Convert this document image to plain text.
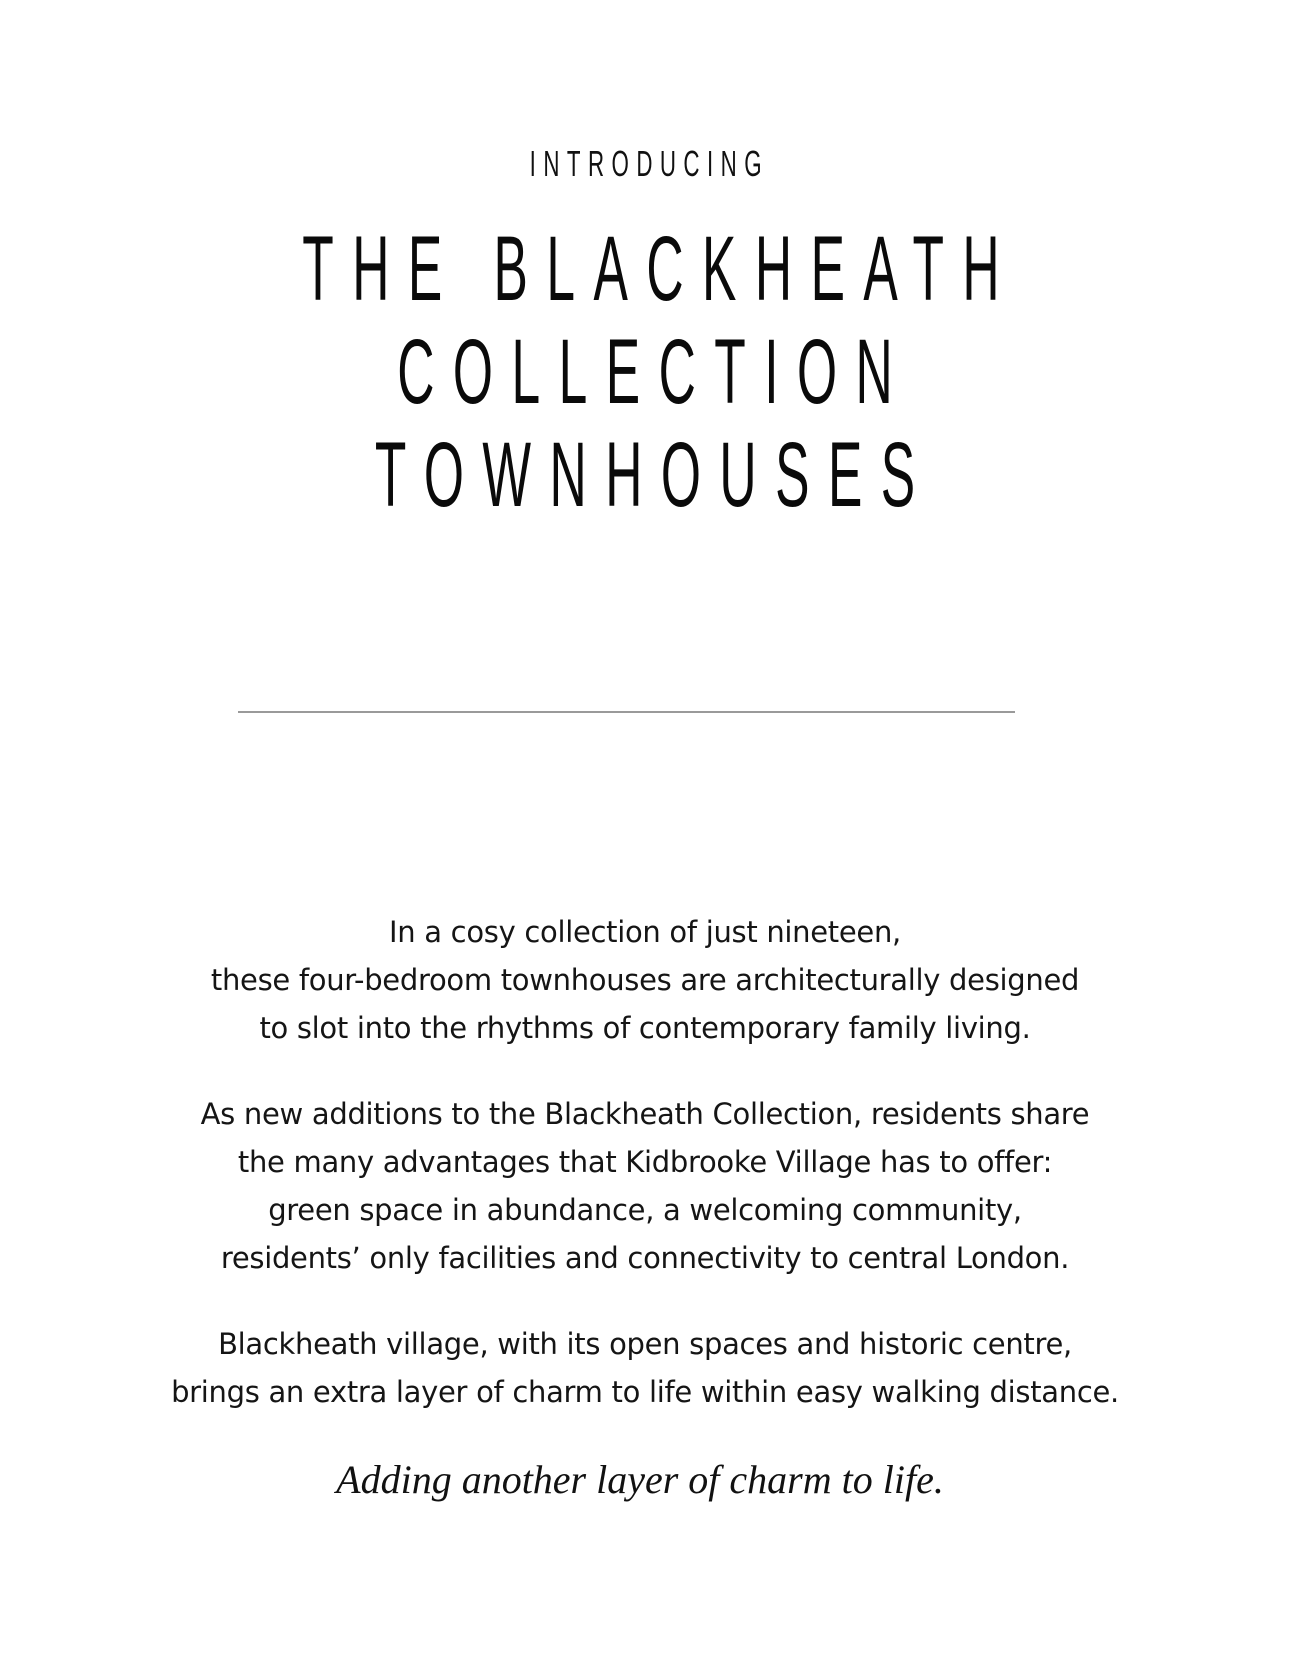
INTRODUCING
THE BLACKHEATH
COLLECTION
TOWNHOUSES

In a cosy collection of just nineteen,
these four-bedroom townhouses are architecturally designed
to slot into the rhythms of contemporary family living.

As new additions to the Blackheath Collection, residents share
the many advantages that Kidbrooke Village has to offer:
green space in abundance, a welcoming community,
residents’ only facilities and connectivity to central London.

Blackheath village, with its open spaces and historic centre,
brings an extra layer of charm to life within easy walking distance.

Adding another layer of charm to life.
